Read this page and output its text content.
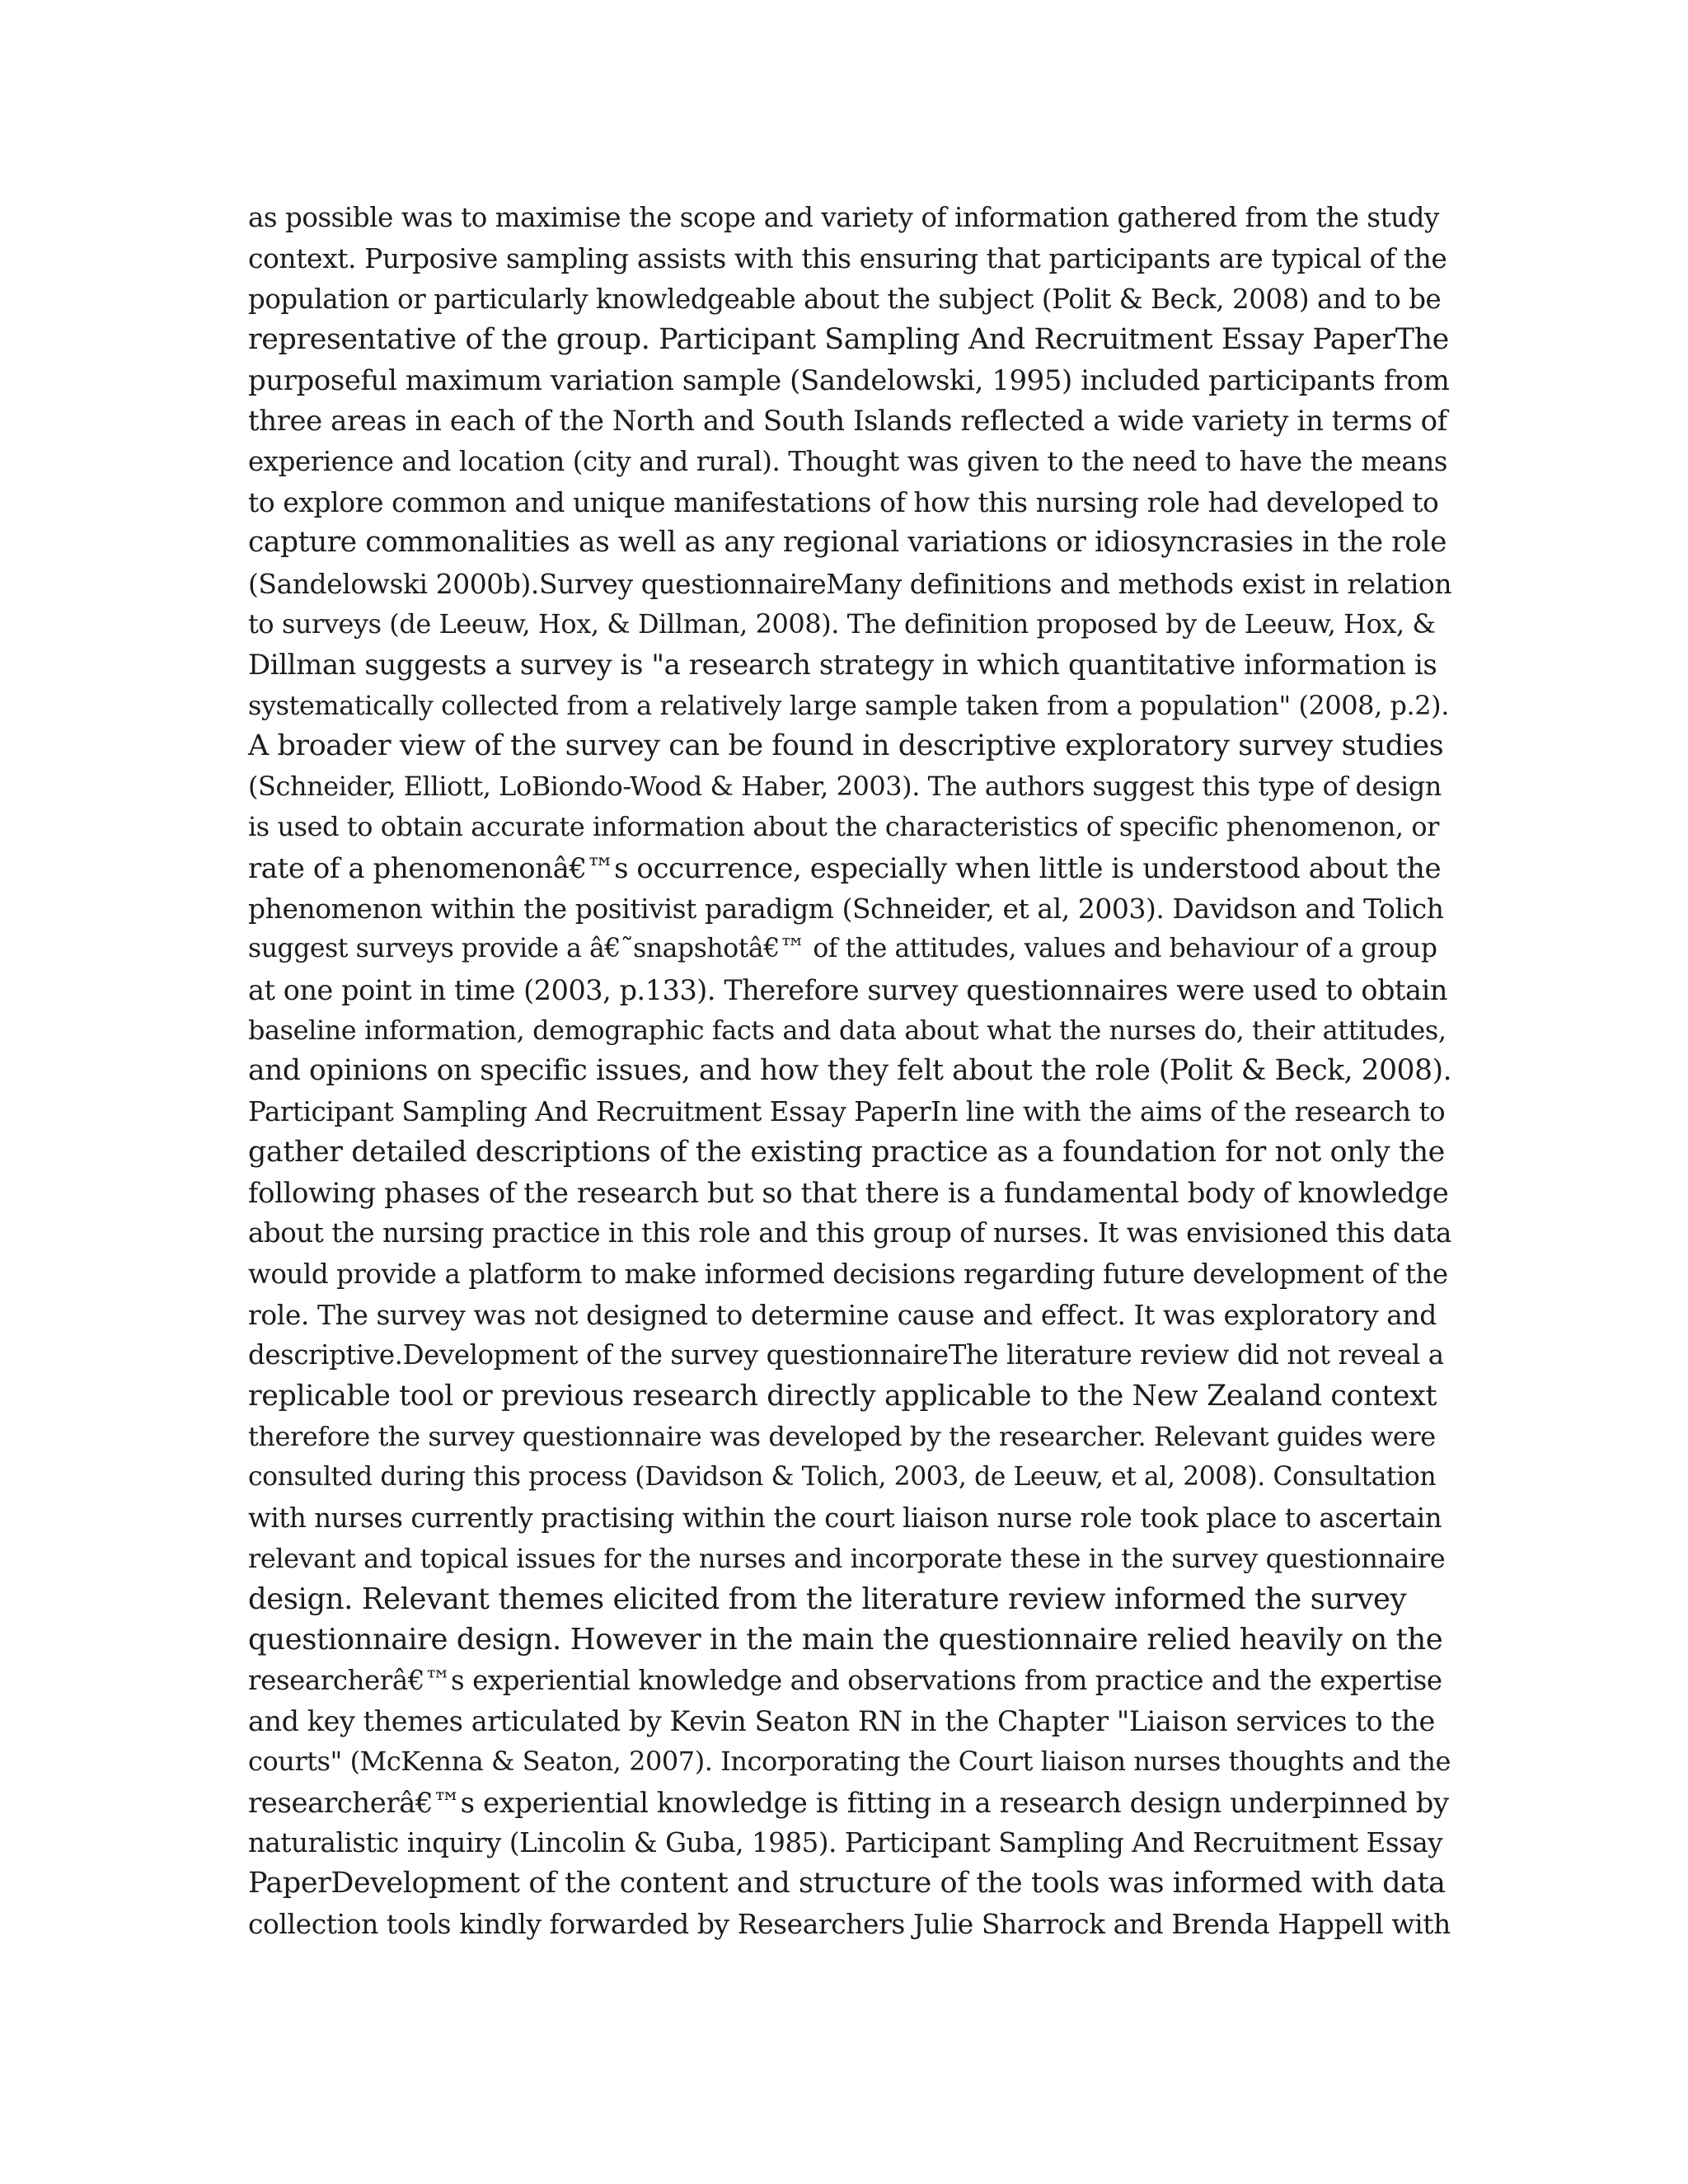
as possible was to maximise the scope and variety of information gathered from the study
context. Purposive sampling assists with this ensuring that participants are typical of the
population or particularly knowledgeable about the subject (Polit & Beck, 2008) and to be
representative of the group. Participant Sampling And Recruitment Essay PaperThe
purposeful maximum variation sample (Sandelowski, 1995) included participants from
three areas in each of the North and South Islands reflected a wide variety in terms of
experience and location (city and rural). Thought was given to the need to have the means
to explore common and unique manifestations of how this nursing role had developed to
capture commonalities as well as any regional variations or idiosyncrasies in the role
(Sandelowski 2000b).Survey questionnaireMany definitions and methods exist in relation
to surveys (de Leeuw, Hox, & Dillman, 2008). The definition proposed by de Leeuw, Hox, &
Dillman suggests a survey is "a research strategy in which quantitative information is
systematically collected from a relatively large sample taken from a population" (2008, p.2).
A broader view of the survey can be found in descriptive exploratory survey studies
(Schneider, Elliott, LoBiondo-Wood & Haber, 2003). The authors suggest this type of design
is used to obtain accurate information about the characteristics of specific phenomenon, or
rate of a phenomenonâ€™s occurrence, especially when little is understood about the
phenomenon within the positivist paradigm (Schneider, et al, 2003). Davidson and Tolich
suggest surveys provide a â€˜snapshotâ€™ of the attitudes, values and behaviour of a group
at one point in time (2003, p.133). Therefore survey questionnaires were used to obtain
baseline information, demographic facts and data about what the nurses do, their attitudes,
and opinions on specific issues, and how they felt about the role (Polit & Beck, 2008).
Participant Sampling And Recruitment Essay PaperIn line with the aims of the research to
gather detailed descriptions of the existing practice as a foundation for not only the
following phases of the research but so that there is a fundamental body of knowledge
about the nursing practice in this role and this group of nurses. It was envisioned this data
would provide a platform to make informed decisions regarding future development of the
role. The survey was not designed to determine cause and effect. It was exploratory and
descriptive.Development of the survey questionnaireThe literature review did not reveal a
replicable tool or previous research directly applicable to the New Zealand context
therefore the survey questionnaire was developed by the researcher. Relevant guides were
consulted during this process (Davidson & Tolich, 2003, de Leeuw, et al, 2008). Consultation
with nurses currently practising within the court liaison nurse role took place to ascertain
relevant and topical issues for the nurses and incorporate these in the survey questionnaire
design. Relevant themes elicited from the literature review informed the survey
questionnaire design. However in the main the questionnaire relied heavily on the
researcherâ€™s experiential knowledge and observations from practice and the expertise
and key themes articulated by Kevin Seaton RN in the Chapter "Liaison services to the
courts" (McKenna & Seaton, 2007). Incorporating the Court liaison nurses thoughts and the
researcherâ€™s experiential knowledge is fitting in a research design underpinned by
naturalistic inquiry (Lincolin & Guba, 1985). Participant Sampling And Recruitment Essay
PaperDevelopment of the content and structure of the tools was informed with data
collection tools kindly forwarded by Researchers Julie Sharrock and Brenda Happell with
